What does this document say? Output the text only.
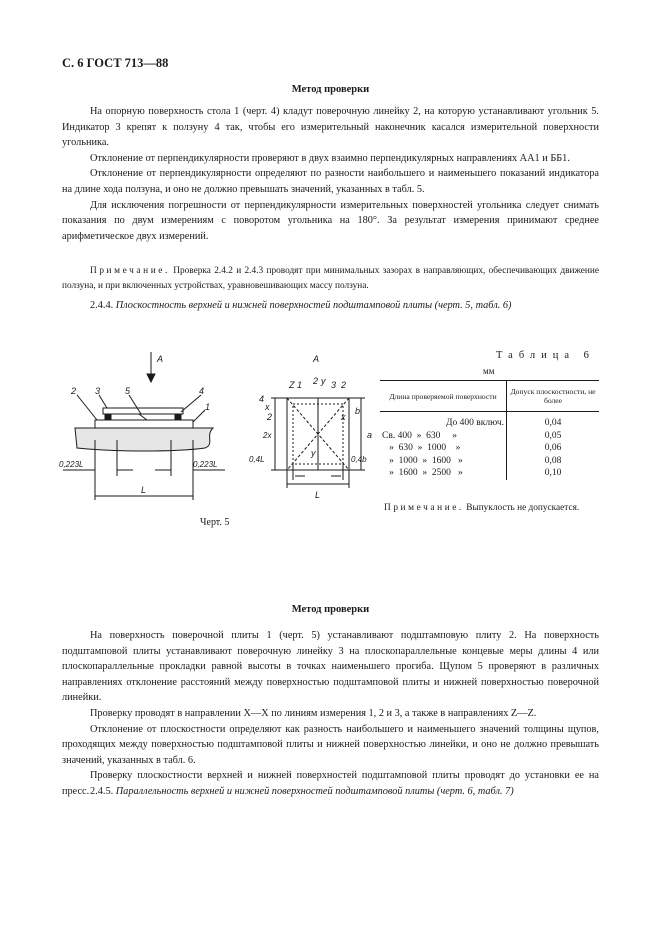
С. 6 ГОСТ 713—88
Метод проверки

На опорную поверхность стола 1 (черт. 4) кладут поверочную линейку 2, на которую устанавливают угольник 5. Индикатор 3 крепят к ползуну 4 так, чтобы его измерительный наконечник касался измерительной поверхности угольника.

Отклонение от перпендикулярности проверяют в двух взаимно перпендикулярных направлениях AA1 и ББ1.

Отклонение от перпендикулярности определяют по разности наибольшего и наименьшего показаний индикатора на длине хода ползуна, и оно не должно превышать значений, указанных в табл. 5.

Для исключения погрешности от перпендикулярности измерительных поверхностей угольника следует снимать показания по двум измерениям с поворотом угольника на 180°. За результат измерения принимают среднее арифметическое двух измерений.

Примечание. Проверка 2.4.2 и 2.4.3 проводят при минимальных зазорах в направляющих, обеспечивающих движение ползуна, и при включенных устройствах, уравновешивающих массу ползуна.

2.4.4. Плоскостность верхней и нижней поверхностей подштамповой плиты (черт. 5, табл. 6)
А	А
2 3	5	4
1
0,223L	0,223L
L
Z 1 2 y 3 2
4
x
2
2x	a
x
y
b
0,4L	0,4b
L
Черт. 5
Таблица 6
мм
Длина проверяемой поверхности	Допуск плоскостности, не более
До 400 включ.	0,04
Св. 400  »  630     »	0,05
»  630  »  1000    »	0,06
»  1000  »  1600   »	0,08
»  1600  »  2500   »	0,10
Примечание. Выпуклость не допускается.
Метод проверки

На поверхность поверочной плиты 1 (черт. 5) устанавливают подштамповую плиту 2. На поверхность подштамповой плиты устанавливают поверочную линейку 3 на плоскопараллельные концевые меры длины 4 или плоскопараллельные прокладки равной высоты в точках наименьшего прогиба. Щупом 5 проверяют в различных направлениях отклонение расстояний между поверхностью подштамповой плиты и нижней поверхностью поверочной линейки.

Проверку проводят в направлении X—X по линиям измерения 1, 2 и 3, а также в направлениях Z—Z.

Отклонение от плоскостности определяют как разность наибольшего и наименьшего значений толщины щупов, проходящих между поверхностью подштамповой плиты и нижней поверхностью линейки, и оно не должно превышать значений, указанных в табл. 6.

Проверку плоскостности верхней и нижней поверхностей подштамповой плиты проводят до установки ее на пресс. 2.4.5. Параллельность верхней и нижней поверхностей подштамповой плиты (черт. 6, табл. 7)
